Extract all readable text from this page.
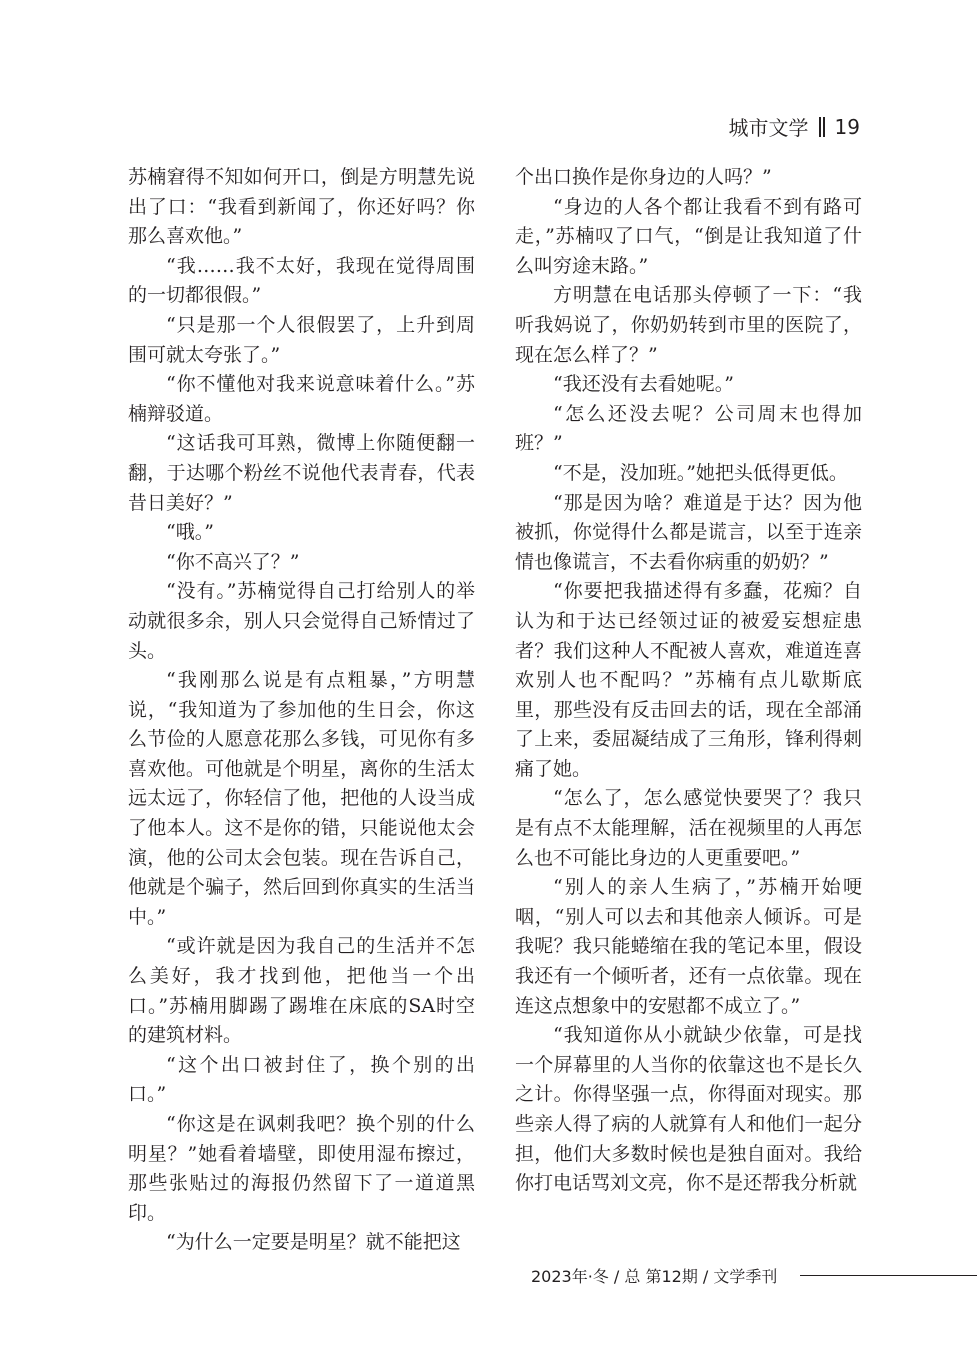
城市文学 19

苏楠窘得不知如何开口，倒是方明慧先说出了口：“我看到新闻了，你还好吗？你那么喜欢他。”

“我……我不太好，我现在觉得周围的一切都很假。”

“只是那一个人很假罢了，上升到周围可就太夸张了。”

“你不懂他对我来说意味着什么。”苏楠辩驳道。

“这话我可耳熟，微博上你随便翻一翻，于达哪个粉丝不说他代表青春，代表昔日美好？”

“哦。”

“你不高兴了？”

“没有。”苏楠觉得自己打给别人的举动就很多余，别人只会觉得自己矫情过了头。

“我刚那么说是有点粗暴，”方明慧说，“我知道为了参加他的生日会，你这么节俭的人愿意花那么多钱，可见你有多喜欢他。可他就是个明星，离你的生活太远太远了，你轻信了他，把他的人设当成了他本人。这不是你的错，只能说他太会演，他的公司太会包装。现在告诉自己，他就是个骗子，然后回到你真实的生活当中。”

“或许就是因为我自己的生活并不怎么美好，我才找到他，把他当一个出口。”苏楠用脚踢了踢堆在床底的SA时空的建筑材料。

“这个出口被封住了，换个别的出口。”

“你这是在讽刺我吧？换个别的什么明星？”她看着墙壁，即使用湿布擦过，那些张贴过的海报仍然留下了一道道黑印。

“为什么一定要是明星？就不能把这

个出口换作是你身边的人吗？”

“身边的人各个都让我看不到有路可走，”苏楠叹了口气，“倒是让我知道了什么叫穷途末路。”

方明慧在电话那头停顿了一下：“我听我妈说了，你奶奶转到市里的医院了，现在怎么样了？”

“我还没有去看她呢。”

“怎么还没去呢？公司周末也得加班？”

“不是，没加班。”她把头低得更低。

“那是因为啥？难道是于达？因为他被抓，你觉得什么都是谎言，以至于连亲情也像谎言，不去看你病重的奶奶？”

“你要把我描述得有多蠢，花痴？自认为和于达已经领过证的被爱妄想症患者？我们这种人不配被人喜欢，难道连喜欢别人也不配吗？”苏楠有点儿歇斯底里，那些没有反击回去的话，现在全部涌了上来，委屈凝结成了三角形，锋利得刺痛了她。

“怎么了，怎么感觉快要哭了？我只是有点不太能理解，活在视频里的人再怎么也不可能比身边的人更重要吧。”

“别人的亲人生病了，”苏楠开始哽咽，“别人可以去和其他亲人倾诉。可是我呢？我只能蜷缩在我的笔记本里，假设我还有一个倾听者，还有一点依靠。现在连这点想象中的安慰都不成立了。”

“我知道你从小就缺少依靠，可是找一个屏幕里的人当你的依靠这也不是长久之计。你得坚强一点，你得面对现实。那些亲人得了病的人就算有人和他们一起分担，他们大多数时候也是独自面对。我给你打电话骂刘文亮，你不是还帮我分析就

2023年·冬 / 总 第12期 / 文学季刊
